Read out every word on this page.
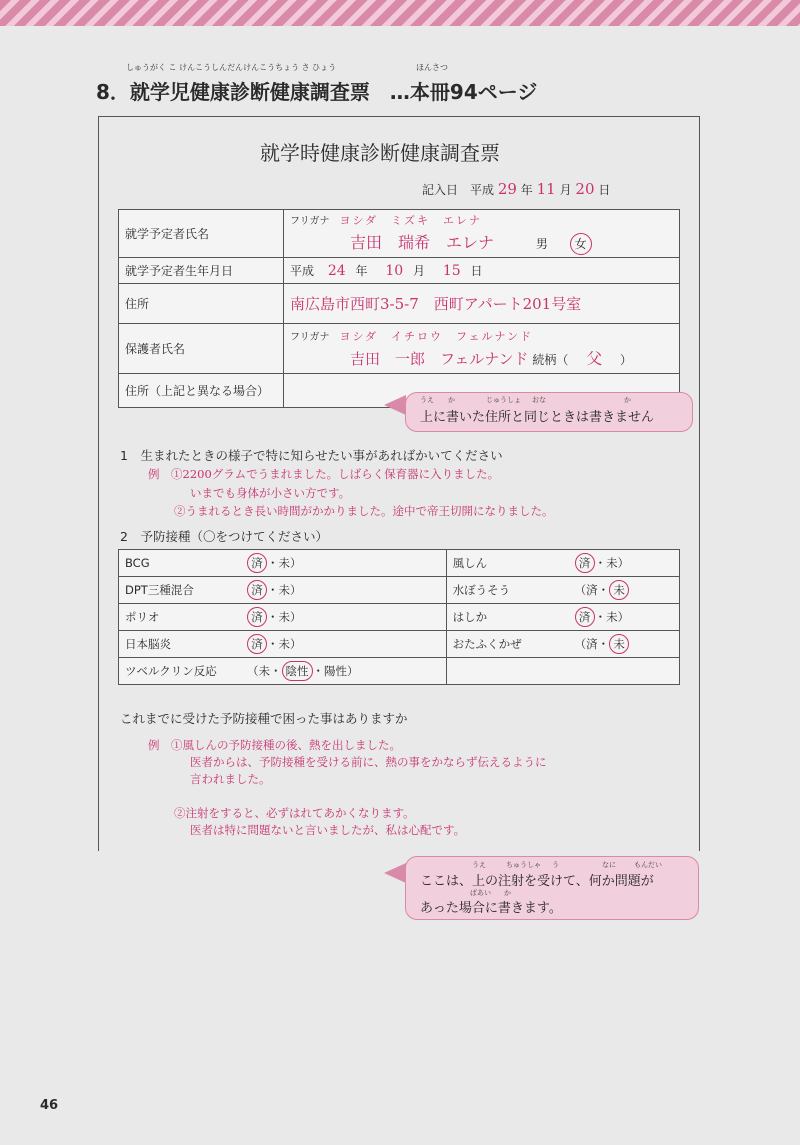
しゅうがく こ けんこうしんだんけんこうちょう さ ひょう	ほんさつ
8．就学児健康診断健康調査票　 …本冊94ページ
就学時健康診断健康調査票
記入日　 平成 29 年 11 月 20 日
就学予定者氏名	フリガナ　 ヨシダ　ミズキ　エレナ
吉田　瑞希　エレナ 男 女

就学予定者生年月日	平成 24 年 10 月 15 日
住所	南広島市西町3-5-7　西町アパート201号室
保護者氏名	フリガナ　 ヨシダ　イチロウ　フェルナンド
吉田　一郎　フェルナンド 続柄（ 父 ）

住所（上記と異なる場合）	
うえ か	じゅうしょ おな	か
上に書いた住所と同じときは書きません
1　生まれたときの様子で特に知らせたい事があればかいてください
例　①2200グラムでうまれました。しばらく保育器に入りました。
いまでも身体が小さい方です。
②うまれるとき長い時間がかかりました。途中で帝王切開になりました。
2　予防接種（〇をつけてください）
BCG	済 ・未）	風しん	済 ・未）
DPT三種混合	済 ・未）	水ぼうそう	（済・ 未
ポリオ	済 ・未）	はしか	済 ・未）
日本脳炎	済 ・未）	おたふくかぜ	（済・ 未
ツベルクリン反応	（未・ 陰性 ・陽性）		
これまでに受けた予防接種で困った事はありますか
例　①風しんの予防接種の後、熱を出しました。
医者からは、予防接種を受ける前に、熱の事をかならず伝えるように
言われました。
②注射をすると、必ずはれてあかくなります。
医者は特に問題ないと言いましたが、私は心配です。
うえ	ちゅうしゃ う	なに	もんだい
ばあい か
ここは、上の注射を受けて、何か問題が
あった場合に書きます。
46
